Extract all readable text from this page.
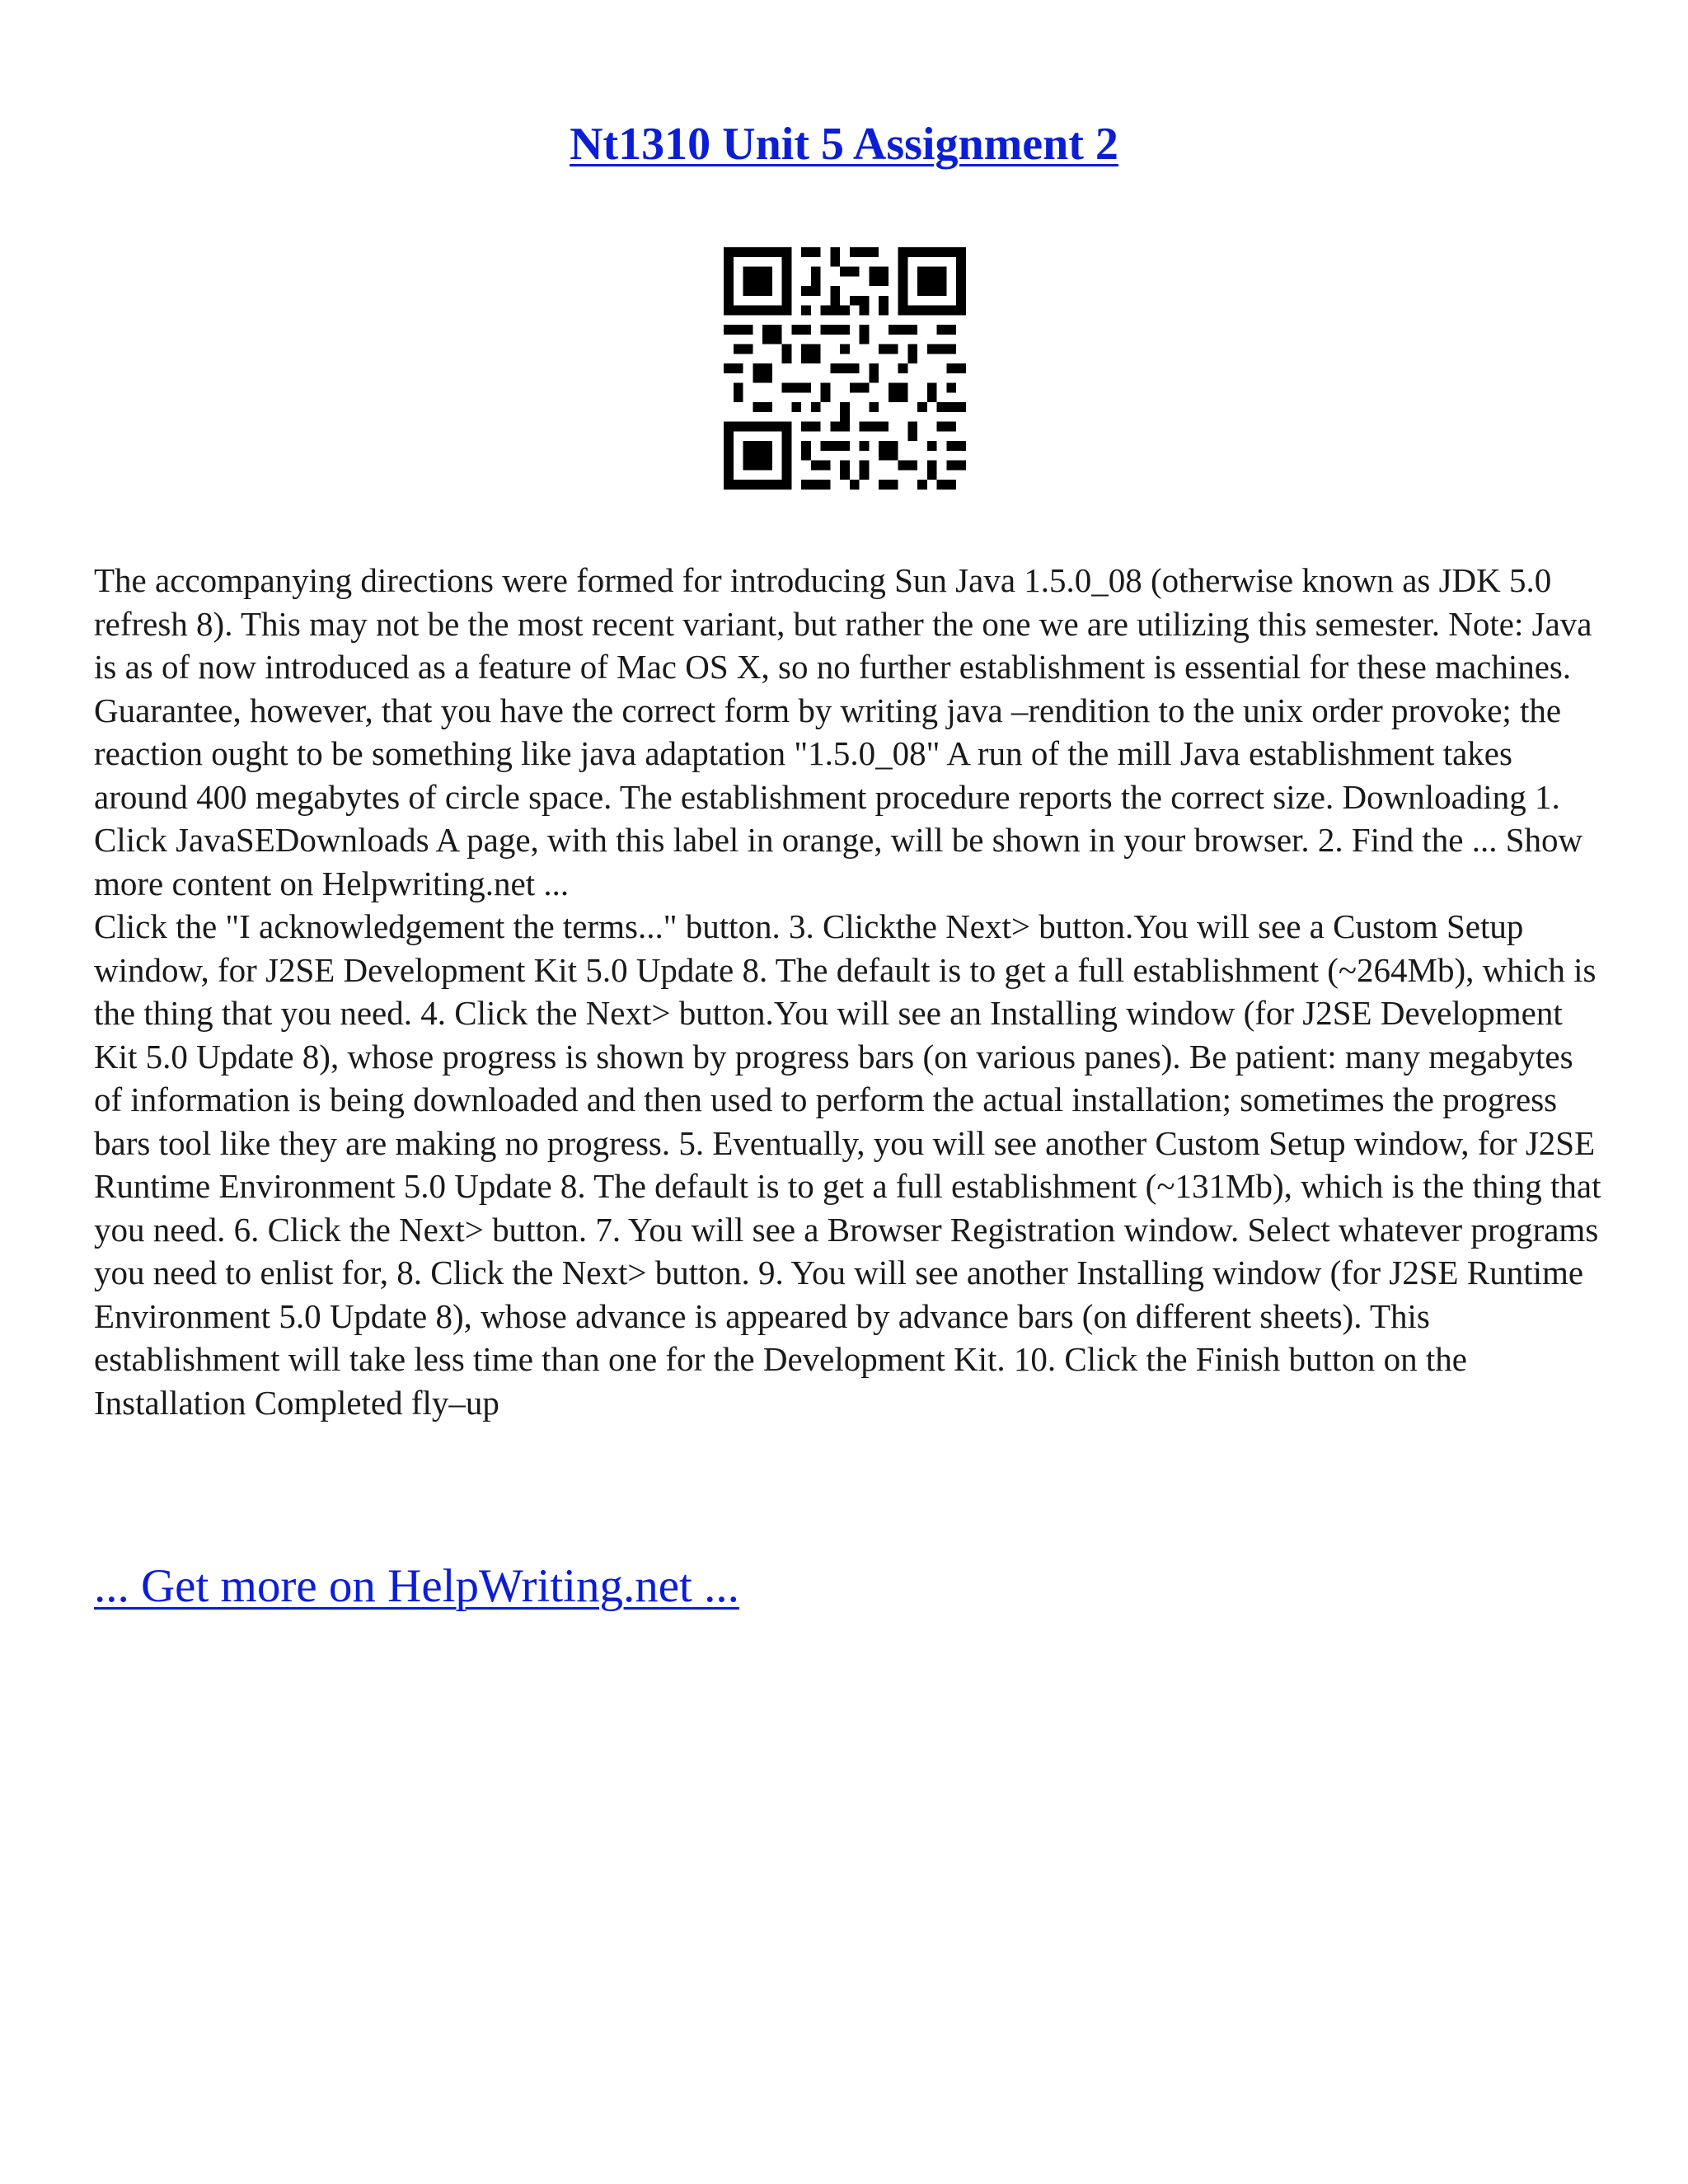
Nt1310 Unit 5 Assignment 2

The accompanying directions were formed for introducing Sun Java 1.5.0_08 (otherwise known as JDK 5.0 refresh 8). This may not be the most recent variant, but rather the one we are utilizing this semester. Note: Java is as of now introduced as a feature of Mac OS X, so no further establishment is essential for these machines. Guarantee, however, that you have the correct form by writing java –rendition to the unix order provoke; the reaction ought to be something like java adaptation "1.5.0_08" A run of the mill Java establishment takes around 400 megabytes of circle space. The establishment procedure reports the correct size. Downloading 1. Click JavaSEDownloads A page, with this label in orange, will be shown in your browser. 2. Find the ... Show more content on Helpwriting.net ...

Click the "I acknowledgement the terms..." button. 3. Clickthe Next> button.You will see a Custom Setup window, for J2SE Development Kit 5.0 Update 8. The default is to get a full establishment (~264Mb), which is the thing that you need. 4. Click the Next> button.You will see an Installing window (for J2SE Development Kit 5.0 Update 8), whose progress is shown by progress bars (on various panes). Be patient: many megabytes of information is being downloaded and then used to perform the actual installation; sometimes the progress bars tool like they are making no progress. 5. Eventually, you will see another Custom Setup window, for J2SE Runtime Environment 5.0 Update 8. The default is to get a full establishment (~131Mb), which is the thing that you need. 6. Click the Next> button. 7. You will see a Browser Registration window. Select whatever programs you need to enlist for, 8. Click the Next> button. 9. You will see another Installing window (for J2SE Runtime Environment 5.0 Update 8), whose advance is appeared by advance bars (on different sheets). This establishment will take less time than one for the Development Kit. 10. Click the Finish button on the Installation Completed fly–up

... Get more on HelpWriting.net ...
